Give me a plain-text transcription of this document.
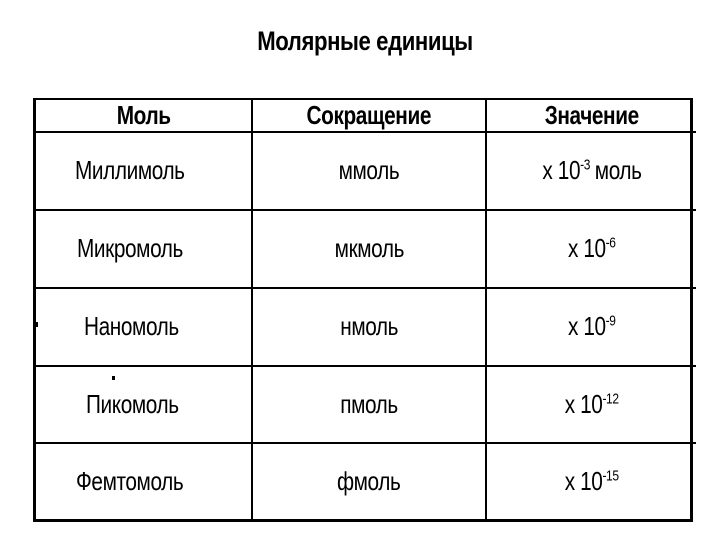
Молярные единицы
Моль	Сокращение	Значение
Миллимоль	ммоль	x $10^{-3}$ моль
Микромоль	мкмоль	x $10^{-6}$
Наномоль	нмоль	x $10^{-9}$
Пикомоль	пмоль	x $10^{-12}$
Фемтомоль	фмоль	x $10^{-15}$
